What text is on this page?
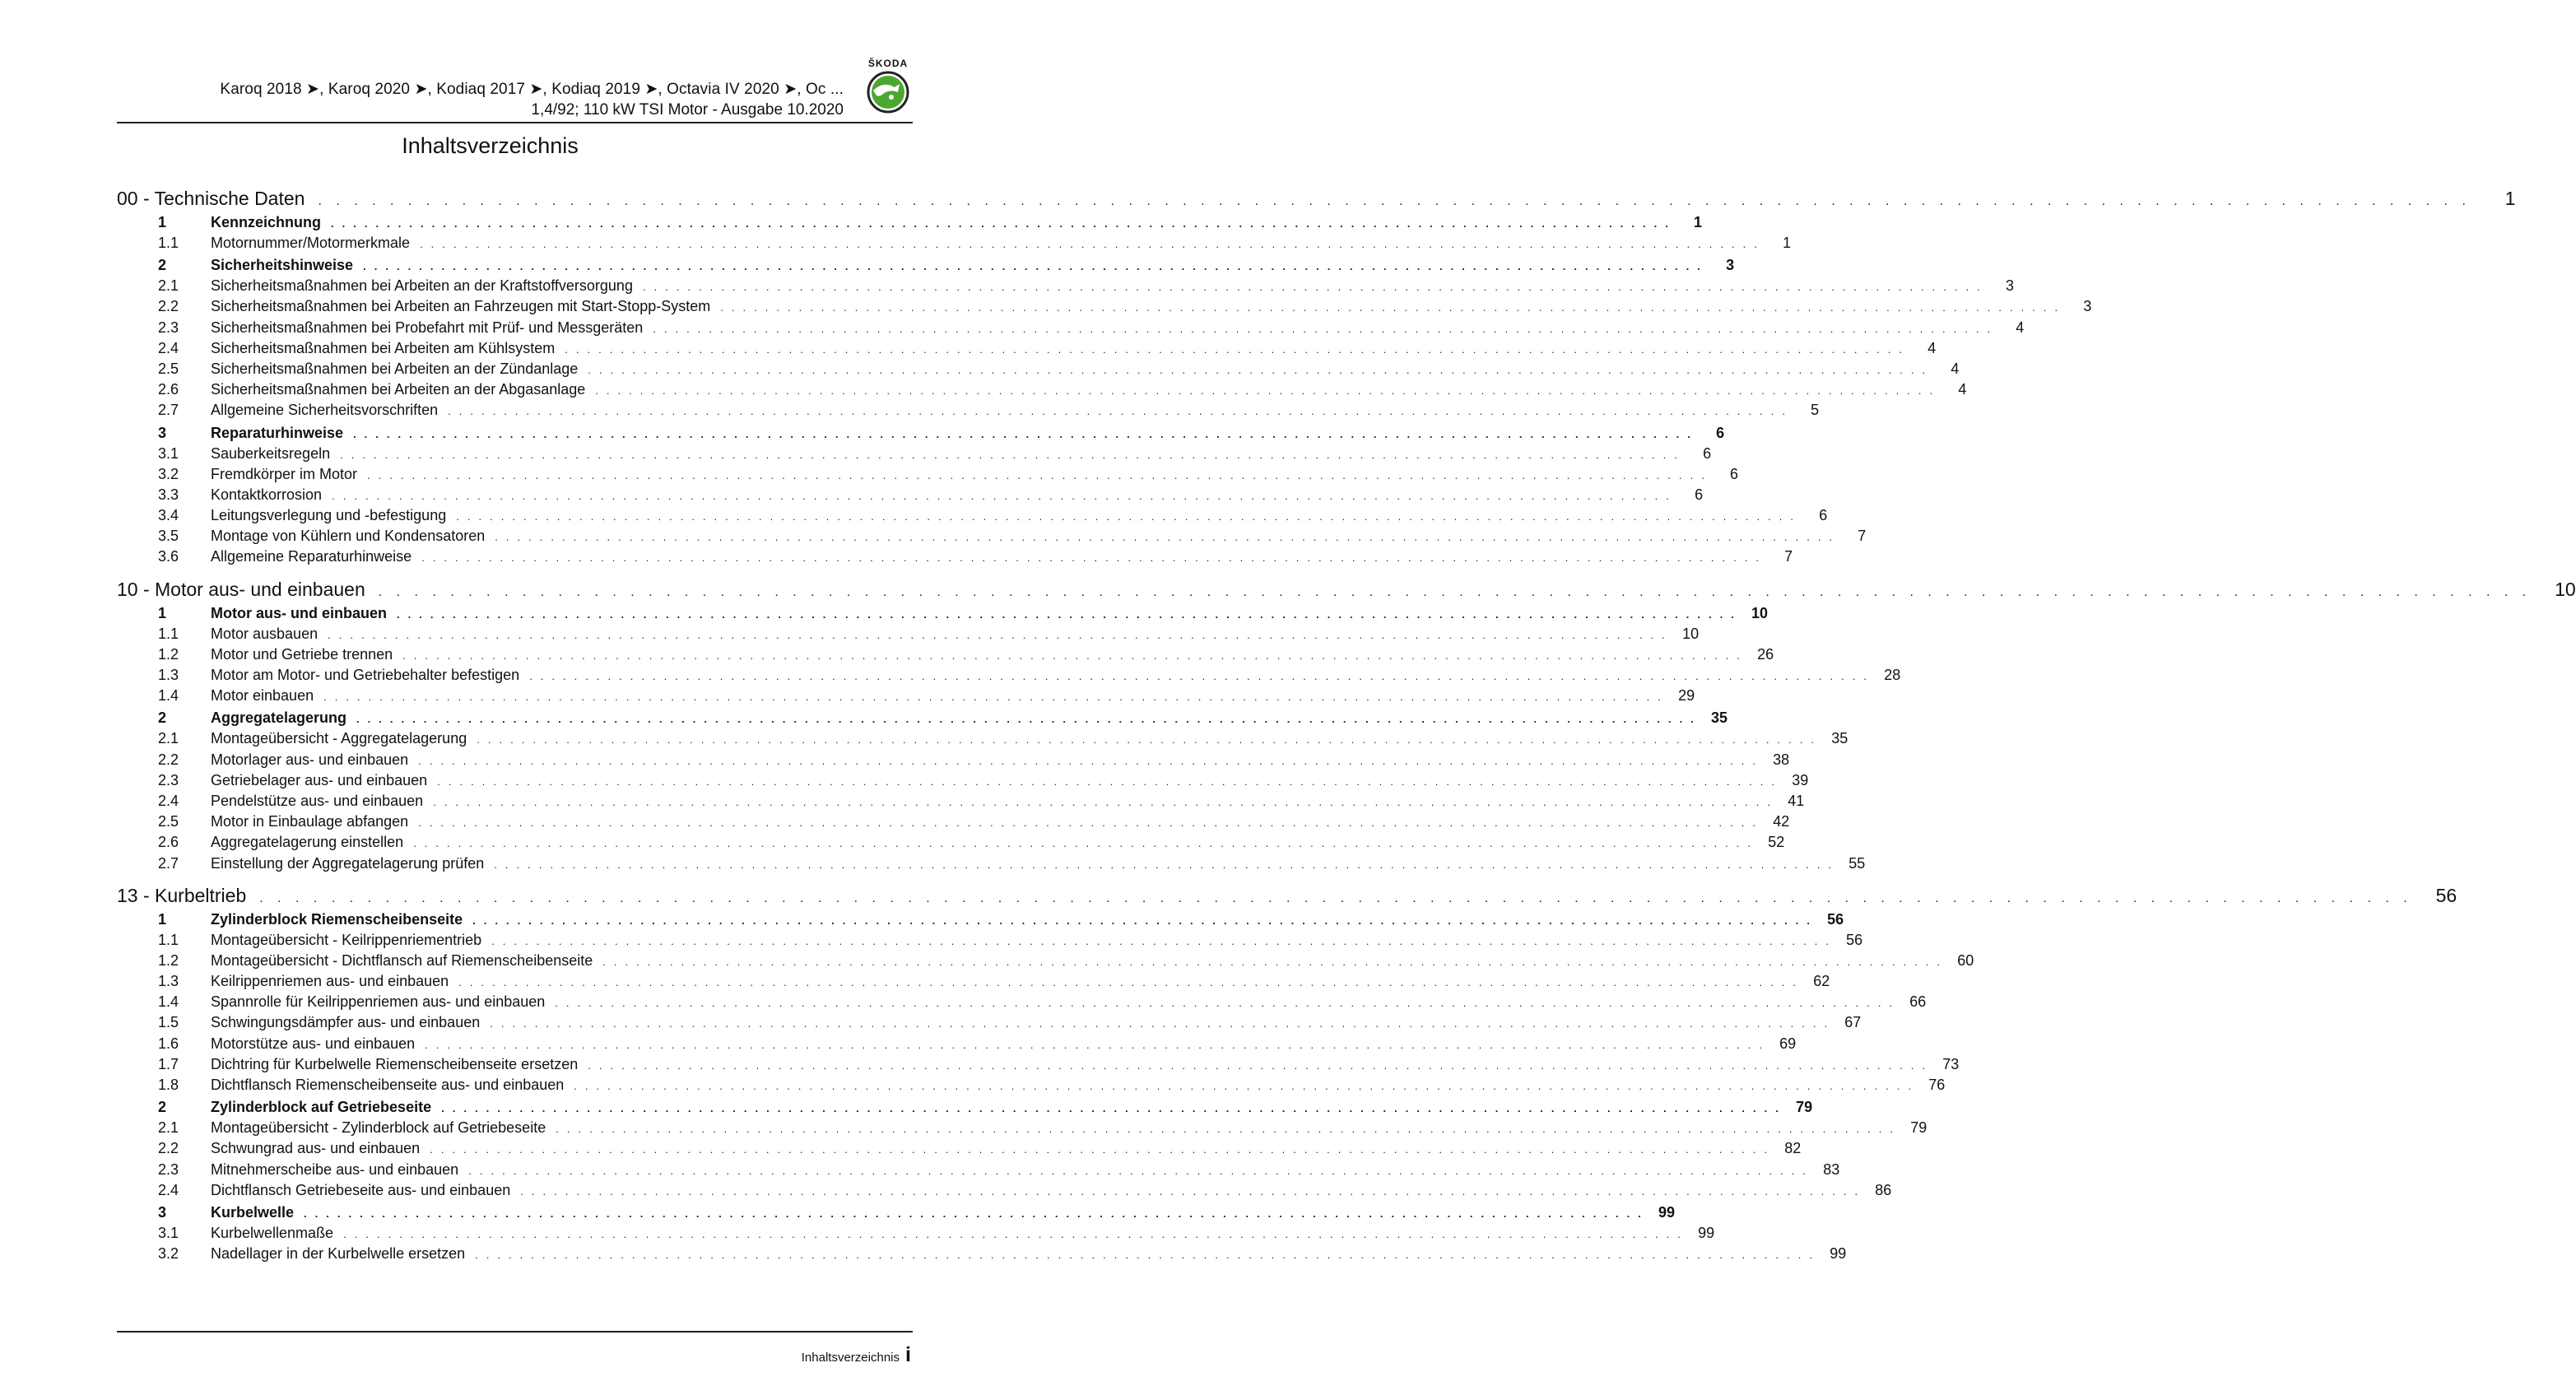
Karoq 2018 ➤, Karoq 2020 ➤, Kodiaq 2017 ➤, Kodiaq 2019 ➤, Octavia IV 2020 ➤, Oc ...
1,4/92; 110 kW TSI Motor - Ausgabe 10.2020
ŠKODA
Inhaltsverzeichnis
00 - Technische Daten . . . . . . . . . . . . . . . . . . . . . . . . . . . . . . . . . . . . . . . . . . . . . . . . . . . . . . . . . . . . . . . . . . . . . . . . . . . . . . . . . . . . . . . . . . . . . . . . . . . . . . . . . . . . . . . . . . . . . . . .	1
1	Kennzeichnung . . . . . . . . . . . . . . . . . . . . . . . . . . . . . . . . . . . . . . . . . . . . . . . . . . . . . . . . . . . . . . . . . . . . . . . . . . . . . . . . . . . . . . . . . . . . . . . . . . . . . . . . . . . . . . . . . . . . . . . .	1
1.1	Motornummer/Motormerkmale . . . . . . . . . . . . . . . . . . . . . . . . . . . . . . . . . . . . . . . . . . . . . . . . . . . . . . . . . . . . . . . . . . . . . . . . . . . . . . . . . . . . . . . . . . . . . . . . . . . . . . . . . . . . . . . . . . . . . . . .	1
2	Sicherheitshinweise . . . . . . . . . . . . . . . . . . . . . . . . . . . . . . . . . . . . . . . . . . . . . . . . . . . . . . . . . . . . . . . . . . . . . . . . . . . . . . . . . . . . . . . . . . . . . . . . . . . . . . . . . . . . . . . . . . . . . . . .	3
2.1	Sicherheitsmaßnahmen bei Arbeiten an der Kraftstoffversorgung . . . . . . . . . . . . . . . . . . . . . . . . . . . . . . . . . . . . . . . . . . . . . . . . . . . . . . . . . . . . . . . . . . . . . . . . . . . . . . . . . . . . . . . . . . . . . . . . . . . . . . . . . . . . . . . . . . . . . . . .	3
2.2	Sicherheitsmaßnahmen bei Arbeiten an Fahrzeugen mit Start-Stopp-System . . . . . . . . . . . . . . . . . . . . . . . . . . . . . . . . . . . . . . . . . . . . . . . . . . . . . . . . . . . . . . . . . . . . . . . . . . . . . . . . . . . . . . . . . . . . . . . . . . . . . . . . . . . . . . . . . . . . . . . .	3
2.3	Sicherheitsmaßnahmen bei Probefahrt mit Prüf- und Messgeräten . . . . . . . . . . . . . . . . . . . . . . . . . . . . . . . . . . . . . . . . . . . . . . . . . . . . . . . . . . . . . . . . . . . . . . . . . . . . . . . . . . . . . . . . . . . . . . . . . . . . . . . . . . . . . . . . . . . . . . . .	4
2.4	Sicherheitsmaßnahmen bei Arbeiten am Kühlsystem . . . . . . . . . . . . . . . . . . . . . . . . . . . . . . . . . . . . . . . . . . . . . . . . . . . . . . . . . . . . . . . . . . . . . . . . . . . . . . . . . . . . . . . . . . . . . . . . . . . . . . . . . . . . . . . . . . . . . . . .	4
2.5	Sicherheitsmaßnahmen bei Arbeiten an der Zündanlage . . . . . . . . . . . . . . . . . . . . . . . . . . . . . . . . . . . . . . . . . . . . . . . . . . . . . . . . . . . . . . . . . . . . . . . . . . . . . . . . . . . . . . . . . . . . . . . . . . . . . . . . . . . . . . . . . . . . . . . .	4
2.6	Sicherheitsmaßnahmen bei Arbeiten an der Abgasanlage . . . . . . . . . . . . . . . . . . . . . . . . . . . . . . . . . . . . . . . . . . . . . . . . . . . . . . . . . . . . . . . . . . . . . . . . . . . . . . . . . . . . . . . . . . . . . . . . . . . . . . . . . . . . . . . . . . . . . . . .	4
2.7	Allgemeine Sicherheitsvorschriften . . . . . . . . . . . . . . . . . . . . . . . . . . . . . . . . . . . . . . . . . . . . . . . . . . . . . . . . . . . . . . . . . . . . . . . . . . . . . . . . . . . . . . . . . . . . . . . . . . . . . . . . . . . . . . . . . . . . . . . .	5
3	Reparaturhinweise . . . . . . . . . . . . . . . . . . . . . . . . . . . . . . . . . . . . . . . . . . . . . . . . . . . . . . . . . . . . . . . . . . . . . . . . . . . . . . . . . . . . . . . . . . . . . . . . . . . . . . . . . . . . . . . . . . . . . . . .	6
3.1	Sauberkeitsregeln . . . . . . . . . . . . . . . . . . . . . . . . . . . . . . . . . . . . . . . . . . . . . . . . . . . . . . . . . . . . . . . . . . . . . . . . . . . . . . . . . . . . . . . . . . . . . . . . . . . . . . . . . . . . . . . . . . . . . . . .	6
3.2	Fremdkörper im Motor . . . . . . . . . . . . . . . . . . . . . . . . . . . . . . . . . . . . . . . . . . . . . . . . . . . . . . . . . . . . . . . . . . . . . . . . . . . . . . . . . . . . . . . . . . . . . . . . . . . . . . . . . . . . . . . . . . . . . . . .	6
3.3	Kontaktkorrosion . . . . . . . . . . . . . . . . . . . . . . . . . . . . . . . . . . . . . . . . . . . . . . . . . . . . . . . . . . . . . . . . . . . . . . . . . . . . . . . . . . . . . . . . . . . . . . . . . . . . . . . . . . . . . . . . . . . . . . . .	6
3.4	Leitungsverlegung und -befestigung . . . . . . . . . . . . . . . . . . . . . . . . . . . . . . . . . . . . . . . . . . . . . . . . . . . . . . . . . . . . . . . . . . . . . . . . . . . . . . . . . . . . . . . . . . . . . . . . . . . . . . . . . . . . . . . . . . . . . . . .	6
3.5	Montage von Kühlern und Kondensatoren . . . . . . . . . . . . . . . . . . . . . . . . . . . . . . . . . . . . . . . . . . . . . . . . . . . . . . . . . . . . . . . . . . . . . . . . . . . . . . . . . . . . . . . . . . . . . . . . . . . . . . . . . . . . . . . . . . . . . . . .	7
3.6	Allgemeine Reparaturhinweise . . . . . . . . . . . . . . . . . . . . . . . . . . . . . . . . . . . . . . . . . . . . . . . . . . . . . . . . . . . . . . . . . . . . . . . . . . . . . . . . . . . . . . . . . . . . . . . . . . . . . . . . . . . . . . . . . . . . . . . .	7
10 - Motor aus- und einbauen . . . . . . . . . . . . . . . . . . . . . . . . . . . . . . . . . . . . . . . . . . . . . . . . . . . . . . . . . . . . . . . . . . . . . . . . . . . . . . . . . . . . . . . . . . . . . . . . . . . . . . . . . . . . . . . . . . . . . . . . 10
1	Motor aus- und einbauen . . . . . . . . . . . . . . . . . . . . . . . . . . . . . . . . . . . . . . . . . . . . . . . . . . . . . . . . . . . . . . . . . . . . . . . . . . . . . . . . . . . . . . . . . . . . . . . . . . . . . . . . . . . . . . . . . . . . . . . . 10
1.1	Motor ausbauen . . . . . . . . . . . . . . . . . . . . . . . . . . . . . . . . . . . . . . . . . . . . . . . . . . . . . . . . . . . . . . . . . . . . . . . . . . . . . . . . . . . . . . . . . . . . . . . . . . . . . . . . . . . . . . . . . . . . . . . . 10
1.2	Motor und Getriebe trennen . . . . . . . . . . . . . . . . . . . . . . . . . . . . . . . . . . . . . . . . . . . . . . . . . . . . . . . . . . . . . . . . . . . . . . . . . . . . . . . . . . . . . . . . . . . . . . . . . . . . . . . . . . . . . . . . . . . . . . . . 26
1.3	Motor am Motor- und Getriebehalter befestigen . . . . . . . . . . . . . . . . . . . . . . . . . . . . . . . . . . . . . . . . . . . . . . . . . . . . . . . . . . . . . . . . . . . . . . . . . . . . . . . . . . . . . . . . . . . . . . . . . . . . . . . . . . . . . . . . . . . . . . . . 28
1.4	Motor einbauen . . . . . . . . . . . . . . . . . . . . . . . . . . . . . . . . . . . . . . . . . . . . . . . . . . . . . . . . . . . . . . . . . . . . . . . . . . . . . . . . . . . . . . . . . . . . . . . . . . . . . . . . . . . . . . . . . . . . . . . . 29
2	Aggregatelagerung . . . . . . . . . . . . . . . . . . . . . . . . . . . . . . . . . . . . . . . . . . . . . . . . . . . . . . . . . . . . . . . . . . . . . . . . . . . . . . . . . . . . . . . . . . . . . . . . . . . . . . . . . . . . . . . . . . . . . . . . 35
2.1	Montageübersicht - Aggregatelagerung . . . . . . . . . . . . . . . . . . . . . . . . . . . . . . . . . . . . . . . . . . . . . . . . . . . . . . . . . . . . . . . . . . . . . . . . . . . . . . . . . . . . . . . . . . . . . . . . . . . . . . . . . . . . . . . . . . . . . . . . 35
2.2	Motorlager aus- und einbauen . . . . . . . . . . . . . . . . . . . . . . . . . . . . . . . . . . . . . . . . . . . . . . . . . . . . . . . . . . . . . . . . . . . . . . . . . . . . . . . . . . . . . . . . . . . . . . . . . . . . . . . . . . . . . . . . . . . . . . . . 38
2.3	Getriebelager aus- und einbauen . . . . . . . . . . . . . . . . . . . . . . . . . . . . . . . . . . . . . . . . . . . . . . . . . . . . . . . . . . . . . . . . . . . . . . . . . . . . . . . . . . . . . . . . . . . . . . . . . . . . . . . . . . . . . . . . . . . . . . . . 39
2.4	Pendelstütze aus- und einbauen . . . . . . . . . . . . . . . . . . . . . . . . . . . . . . . . . . . . . . . . . . . . . . . . . . . . . . . . . . . . . . . . . . . . . . . . . . . . . . . . . . . . . . . . . . . . . . . . . . . . . . . . . . . . . . . . . . . . . . . . 41
2.5	Motor in Einbaulage abfangen . . . . . . . . . . . . . . . . . . . . . . . . . . . . . . . . . . . . . . . . . . . . . . . . . . . . . . . . . . . . . . . . . . . . . . . . . . . . . . . . . . . . . . . . . . . . . . . . . . . . . . . . . . . . . . . . . . . . . . . . 42
2.6	Aggregatelagerung einstellen . . . . . . . . . . . . . . . . . . . . . . . . . . . . . . . . . . . . . . . . . . . . . . . . . . . . . . . . . . . . . . . . . . . . . . . . . . . . . . . . . . . . . . . . . . . . . . . . . . . . . . . . . . . . . . . . . . . . . . . . 52
2.7	Einstellung der Aggregatelagerung prüfen . . . . . . . . . . . . . . . . . . . . . . . . . . . . . . . . . . . . . . . . . . . . . . . . . . . . . . . . . . . . . . . . . . . . . . . . . . . . . . . . . . . . . . . . . . . . . . . . . . . . . . . . . . . . . . . . . . . . . . . . 55
13 - Kurbeltrieb . . . . . . . . . . . . . . . . . . . . . . . . . . . . . . . . . . . . . . . . . . . . . . . . . . . . . . . . . . . . . . . . . . . . . . . . . . . . . . . . . . . . . . . . . . . . . . . . . . . . . . . . . . . . . . . . . . . . . . . . 56
1	Zylinderblock Riemenscheibenseite . . . . . . . . . . . . . . . . . . . . . . . . . . . . . . . . . . . . . . . . . . . . . . . . . . . . . . . . . . . . . . . . . . . . . . . . . . . . . . . . . . . . . . . . . . . . . . . . . . . . . . . . . . . . . . . . . . . . . . . . 56
1.1	Montageübersicht - Keilrippenriementrieb . . . . . . . . . . . . . . . . . . . . . . . . . . . . . . . . . . . . . . . . . . . . . . . . . . . . . . . . . . . . . . . . . . . . . . . . . . . . . . . . . . . . . . . . . . . . . . . . . . . . . . . . . . . . . . . . . . . . . . . . 56
1.2	Montageübersicht - Dichtflansch auf Riemenscheibenseite . . . . . . . . . . . . . . . . . . . . . . . . . . . . . . . . . . . . . . . . . . . . . . . . . . . . . . . . . . . . . . . . . . . . . . . . . . . . . . . . . . . . . . . . . . . . . . . . . . . . . . . . . . . . . . . . . . . . . . . . 60
1.3	Keilrippenriemen aus- und einbauen . . . . . . . . . . . . . . . . . . . . . . . . . . . . . . . . . . . . . . . . . . . . . . . . . . . . . . . . . . . . . . . . . . . . . . . . . . . . . . . . . . . . . . . . . . . . . . . . . . . . . . . . . . . . . . . . . . . . . . . . 62
1.4	Spannrolle für Keilrippenriemen aus- und einbauen . . . . . . . . . . . . . . . . . . . . . . . . . . . . . . . . . . . . . . . . . . . . . . . . . . . . . . . . . . . . . . . . . . . . . . . . . . . . . . . . . . . . . . . . . . . . . . . . . . . . . . . . . . . . . . . . . . . . . . . . 66
1.5	Schwingungsdämpfer aus- und einbauen . . . . . . . . . . . . . . . . . . . . . . . . . . . . . . . . . . . . . . . . . . . . . . . . . . . . . . . . . . . . . . . . . . . . . . . . . . . . . . . . . . . . . . . . . . . . . . . . . . . . . . . . . . . . . . . . . . . . . . . . 67
1.6	Motorstütze aus- und einbauen . . . . . . . . . . . . . . . . . . . . . . . . . . . . . . . . . . . . . . . . . . . . . . . . . . . . . . . . . . . . . . . . . . . . . . . . . . . . . . . . . . . . . . . . . . . . . . . . . . . . . . . . . . . . . . . . . . . . . . . . 69
1.7	Dichtring für Kurbelwelle Riemenscheibenseite ersetzen . . . . . . . . . . . . . . . . . . . . . . . . . . . . . . . . . . . . . . . . . . . . . . . . . . . . . . . . . . . . . . . . . . . . . . . . . . . . . . . . . . . . . . . . . . . . . . . . . . . . . . . . . . . . . . . . . . . . . . . . 73
1.8	Dichtflansch Riemenscheibenseite aus- und einbauen . . . . . . . . . . . . . . . . . . . . . . . . . . . . . . . . . . . . . . . . . . . . . . . . . . . . . . . . . . . . . . . . . . . . . . . . . . . . . . . . . . . . . . . . . . . . . . . . . . . . . . . . . . . . . . . . . . . . . . . . 76
2	Zylinderblock auf Getriebeseite . . . . . . . . . . . . . . . . . . . . . . . . . . . . . . . . . . . . . . . . . . . . . . . . . . . . . . . . . . . . . . . . . . . . . . . . . . . . . . . . . . . . . . . . . . . . . . . . . . . . . . . . . . . . . . . . . . . . . . . . 79
2.1	Montageübersicht - Zylinderblock auf Getriebeseite . . . . . . . . . . . . . . . . . . . . . . . . . . . . . . . . . . . . . . . . . . . . . . . . . . . . . . . . . . . . . . . . . . . . . . . . . . . . . . . . . . . . . . . . . . . . . . . . . . . . . . . . . . . . . . . . . . . . . . . . 79
2.2	Schwungrad aus- und einbauen . . . . . . . . . . . . . . . . . . . . . . . . . . . . . . . . . . . . . . . . . . . . . . . . . . . . . . . . . . . . . . . . . . . . . . . . . . . . . . . . . . . . . . . . . . . . . . . . . . . . . . . . . . . . . . . . . . . . . . . . 82
2.3	Mitnehmerscheibe aus- und einbauen . . . . . . . . . . . . . . . . . . . . . . . . . . . . . . . . . . . . . . . . . . . . . . . . . . . . . . . . . . . . . . . . . . . . . . . . . . . . . . . . . . . . . . . . . . . . . . . . . . . . . . . . . . . . . . . . . . . . . . . . 83
2.4	Dichtflansch Getriebeseite aus- und einbauen . . . . . . . . . . . . . . . . . . . . . . . . . . . . . . . . . . . . . . . . . . . . . . . . . . . . . . . . . . . . . . . . . . . . . . . . . . . . . . . . . . . . . . . . . . . . . . . . . . . . . . . . . . . . . . . . . . . . . . . . 86
3	Kurbelwelle . . . . . . . . . . . . . . . . . . . . . . . . . . . . . . . . . . . . . . . . . . . . . . . . . . . . . . . . . . . . . . . . . . . . . . . . . . . . . . . . . . . . . . . . . . . . . . . . . . . . . . . . . . . . . . . . . . . . . . . . 99
3.1	Kurbelwellenmaße . . . . . . . . . . . . . . . . . . . . . . . . . . . . . . . . . . . . . . . . . . . . . . . . . . . . . . . . . . . . . . . . . . . . . . . . . . . . . . . . . . . . . . . . . . . . . . . . . . . . . . . . . . . . . . . . . . . . . . . . 99
3.2	Nadellager in der Kurbelwelle ersetzen . . . . . . . . . . . . . . . . . . . . . . . . . . . . . . . . . . . . . . . . . . . . . . . . . . . . . . . . . . . . . . . . . . . . . . . . . . . . . . . . . . . . . . . . . . . . . . . . . . . . . . . . . . . . . . . . . . . . . . . . 99
Inhaltsverzeichnis i
